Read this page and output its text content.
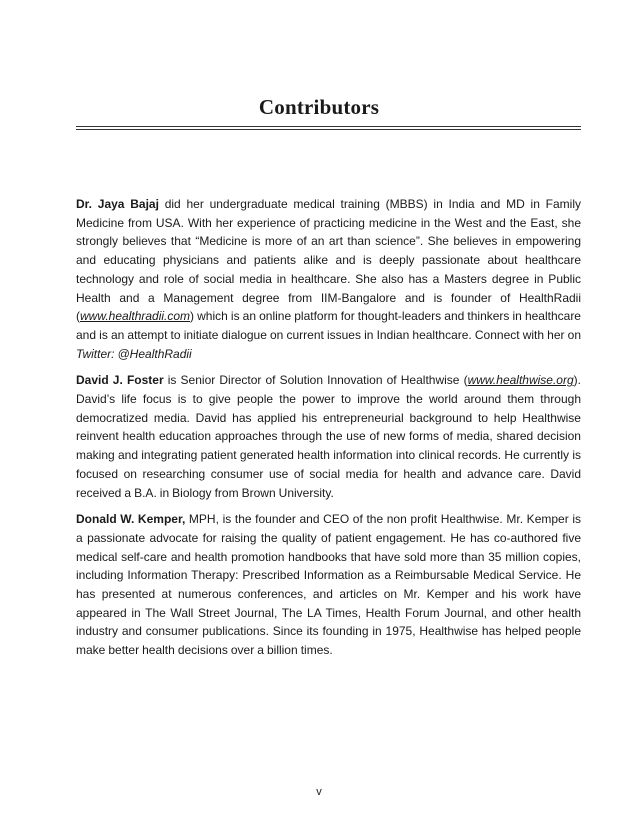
Contributors

Dr. Jaya Bajaj did her undergraduate medical training (MBBS) in India and MD in Family Medicine from USA. With her experience of practicing medicine in the West and the East, she strongly believes that “Medicine is more of an art than science”. She believes in empowering and educating physicians and patients alike and is deeply passionate about healthcare technology and role of social media in healthcare. She also has a Masters degree in Public Health and a Management degree from IIM-Bangalore and is founder of HealthRadii (www.healthradii.com) which is an online platform for thought-leaders and thinkers in healthcare and is an attempt to initiate dialogue on current issues in Indian healthcare. Connect with her on Twitter: @HealthRadii

David J. Foster is Senior Director of Solution Innovation of Healthwise (www.healthwise.org). David’s life focus is to give people the power to improve the world around them through democratized media. David has applied his entrepreneurial background to help Healthwise reinvent health education approaches through the use of new forms of media, shared decision making and integrating patient generated health information into clinical records. He currently is focused on researching consumer use of social media for health and advance care. David received a B.A. in Biology from Brown University.

Donald W. Kemper, MPH, is the founder and CEO of the non profit Healthwise. Mr. Kemper is a passionate advocate for raising the quality of patient engagement. He has co-authored five medical self-care and health promotion handbooks that have sold more than 35 million copies, including Information Therapy: Prescribed Information as a Reimbursable Medical Service. He has presented at numerous conferences, and articles on Mr. Kemper and his work have appeared in The Wall Street Journal, The LA Times, Health Forum Journal, and other health industry and consumer publications. Since its founding in 1975, Healthwise has helped people make better health decisions over a billion times.

v
